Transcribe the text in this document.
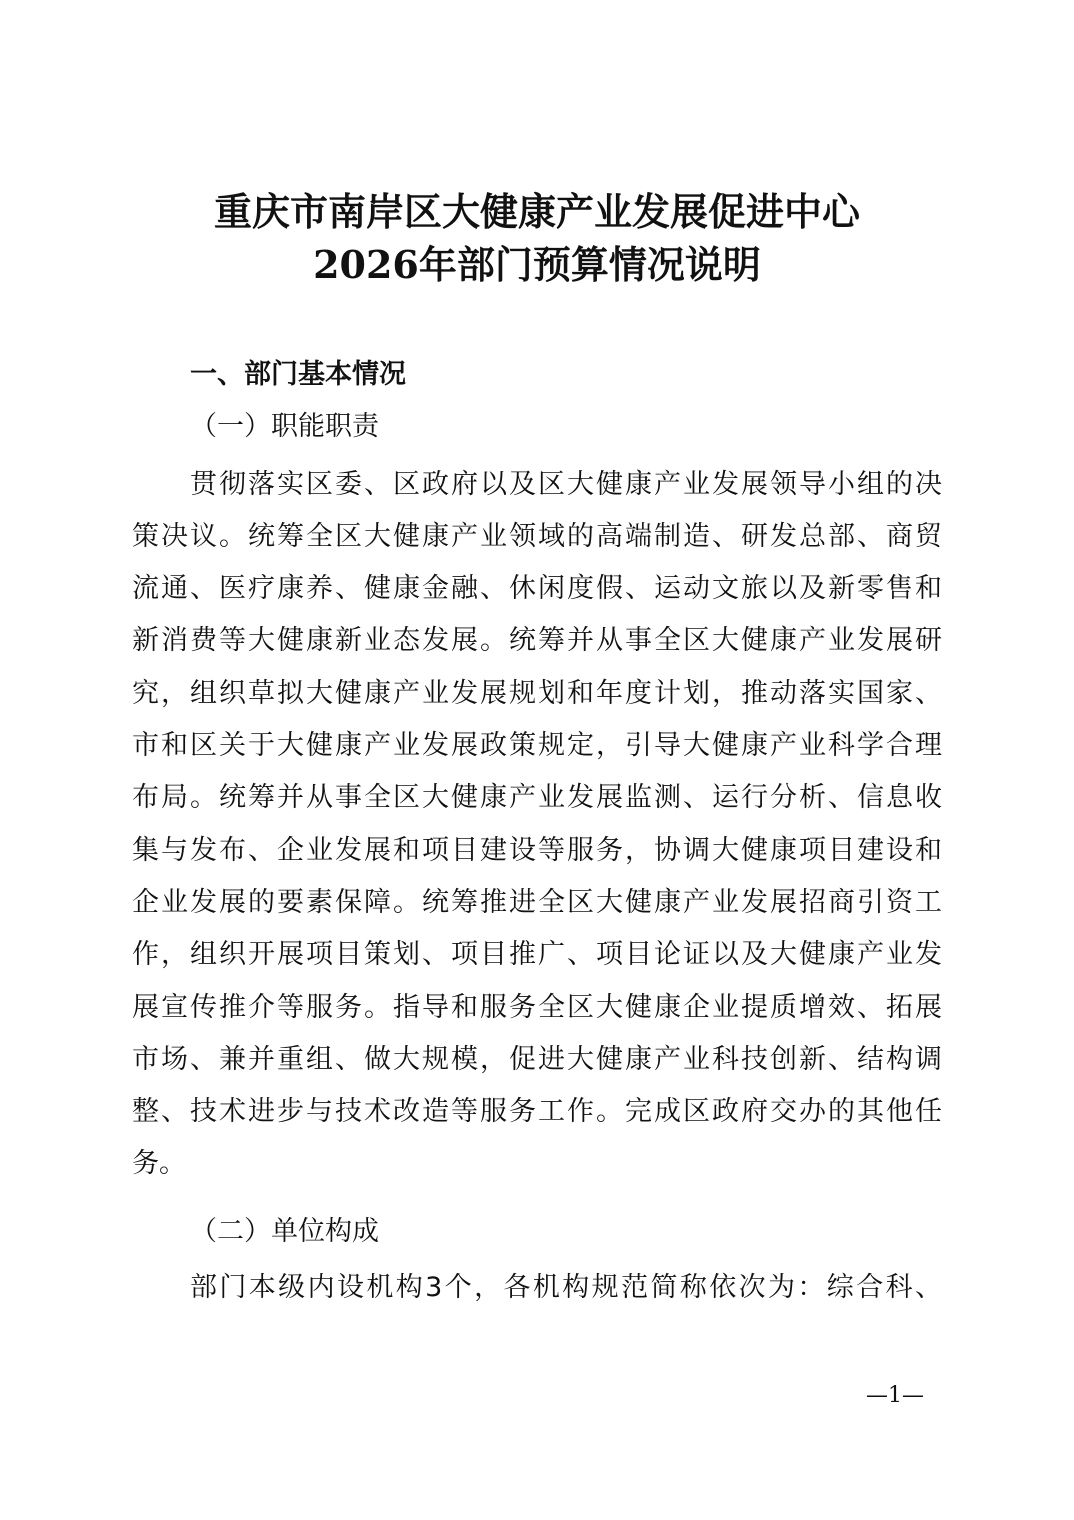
重庆市南岸区大健康产业发展促进中心
2026年部门预算情况说明
一、部门基本情况
（一）职能职责
贯彻落实区委、区政府以及区大健康产业发展领导小组的决
策决议。统筹全区大健康产业领域的高端制造、研发总部、商贸
流通、医疗康养、健康金融、休闲度假、运动文旅以及新零售和
新消费等大健康新业态发展。统筹并从事全区大健康产业发展研
究，组织草拟大健康产业发展规划和年度计划，推动落实国家、
市和区关于大健康产业发展政策规定，引导大健康产业科学合理
布局。统筹并从事全区大健康产业发展监测、运行分析、信息收
集与发布、企业发展和项目建设等服务，协调大健康项目建设和
企业发展的要素保障。统筹推进全区大健康产业发展招商引资工
作，组织开展项目策划、项目推广、项目论证以及大健康产业发
展宣传推介等服务。指导和服务全区大健康企业提质增效、拓展
市场、兼并重组、做大规模，促进大健康产业科技创新、结构调
整、技术进步与技术改造等服务工作。完成区政府交办的其他任
务。
（二）单位构成
部门本级内设机构3个，各机构规范简称依次为：综合科、
—1—
